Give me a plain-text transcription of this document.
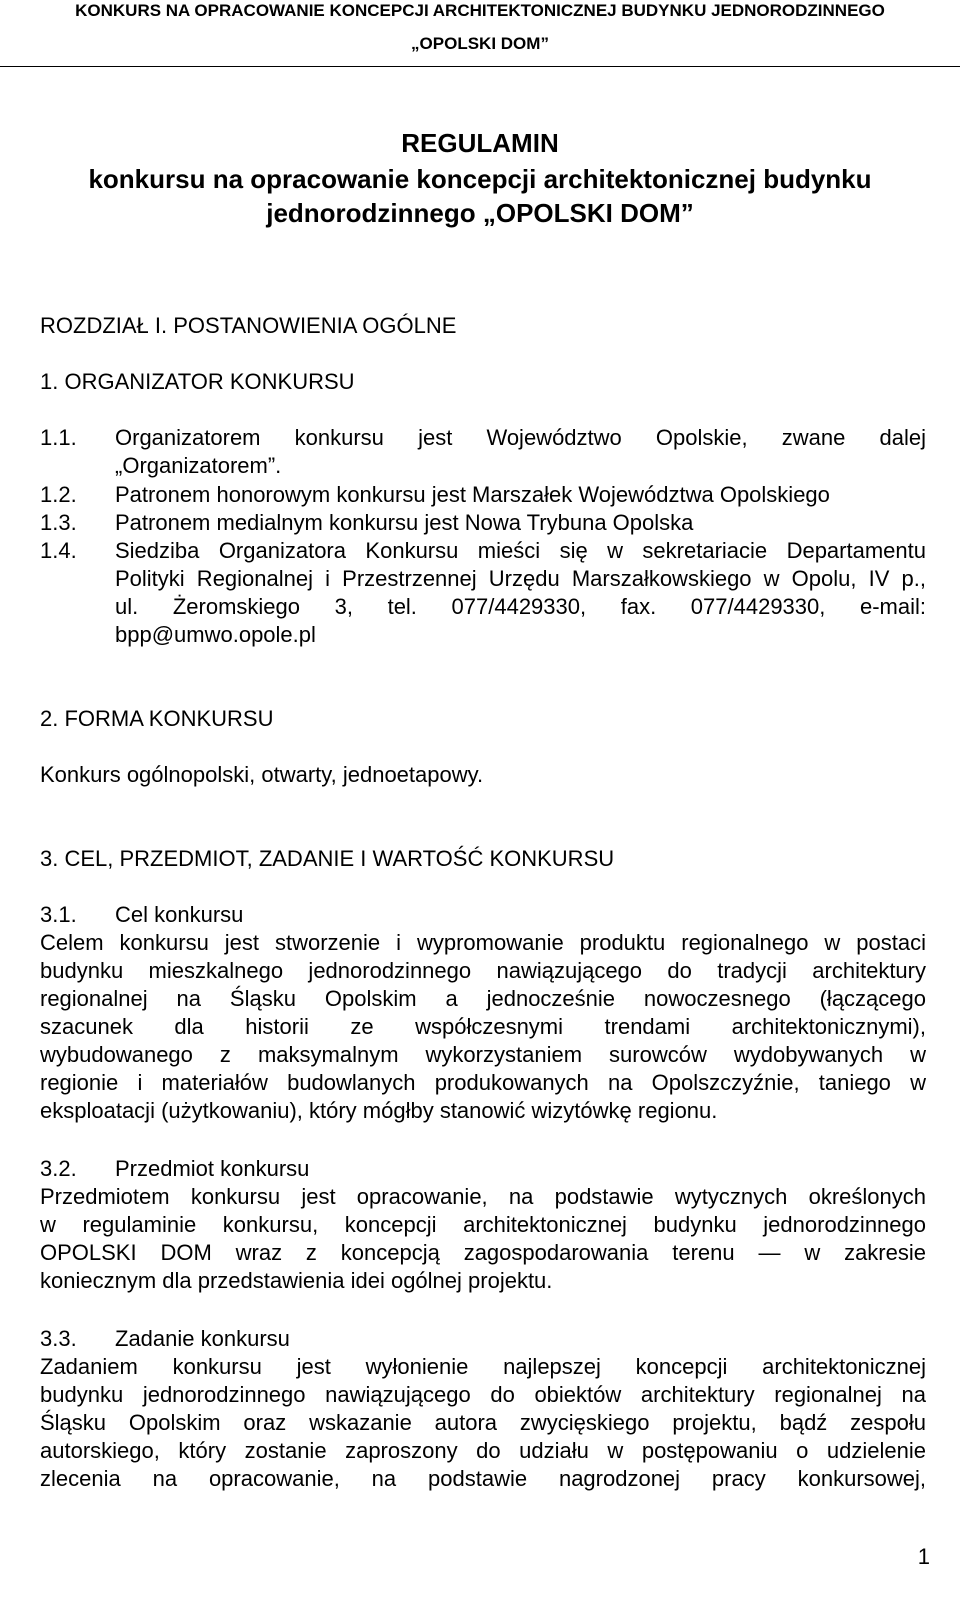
KONKURS NA OPRACOWANIE KONCEPCJI ARCHITEKTONICZNEJ BUDYNKU JEDNORODZINNEGO
„OPOLSKI DOM”
REGULAMIN
konkursu na opracowanie koncepcji architektonicznej budynku
jednorodzinnego „OPOLSKI DOM”
ROZDZIAŁ I. POSTANOWIENIA OGÓLNE
1. ORGANIZATOR KONKURSU
1.1. Organizatorem konkursu jest Województwo Opolskie, zwane dalej
„Organizatorem”.
1.2. Patronem honorowym konkursu jest Marszałek Województwa Opolskiego
1.3. Patronem medialnym konkursu jest Nowa Trybuna Opolska
1.4. Siedziba Organizatora Konkursu mieści się w sekretariacie Departamentu
Polityki Regionalnej i Przestrzennej Urzędu Marszałkowskiego w Opolu, IV p.,
ul. Żeromskiego 3, tel. 077/4429330, fax. 077/4429330, e-mail:
bpp@umwo.opole.pl
2. FORMA KONKURSU
Konkurs ogólnopolski, otwarty, jednoetapowy.
3. CEL, PRZEDMIOT, ZADANIE I WARTOŚĆ KONKURSU
3.1. Cel konkursu
Celem konkursu jest stworzenie i wypromowanie produktu regionalnego w postaci
budynku mieszkalnego jednorodzinnego nawiązującego do tradycji architektury
regionalnej na Śląsku Opolskim a jednocześnie nowoczesnego (łączącego
szacunek dla historii ze współczesnymi trendami architektonicznymi),
wybudowanego z maksymalnym wykorzystaniem surowców wydobywanych w
regionie i materiałów budowlanych produkowanych na Opolszczyźnie, taniego w
eksploatacji (użytkowaniu), który mógłby stanowić wizytówkę regionu.
3.2. Przedmiot konkursu
Przedmiotem konkursu jest opracowanie, na podstawie wytycznych określonych
w regulaminie konkursu, koncepcji architektonicznej budynku jednorodzinnego
OPOLSKI DOM wraz z koncepcją zagospodarowania terenu — w zakresie
koniecznym dla przedstawienia idei ogólnej projektu.
3.3. Zadanie konkursu
Zadaniem konkursu jest wyłonienie najlepszej koncepcji architektonicznej
budynku jednorodzinnego nawiązującego do obiektów architektury regionalnej na
Śląsku Opolskim oraz wskazanie autora zwycięskiego projektu, bądź zespołu
autorskiego, który zostanie zaproszony do udziału w postępowaniu o udzielenie
zlecenia na opracowanie, na podstawie nagrodzonej pracy konkursowej,
1
